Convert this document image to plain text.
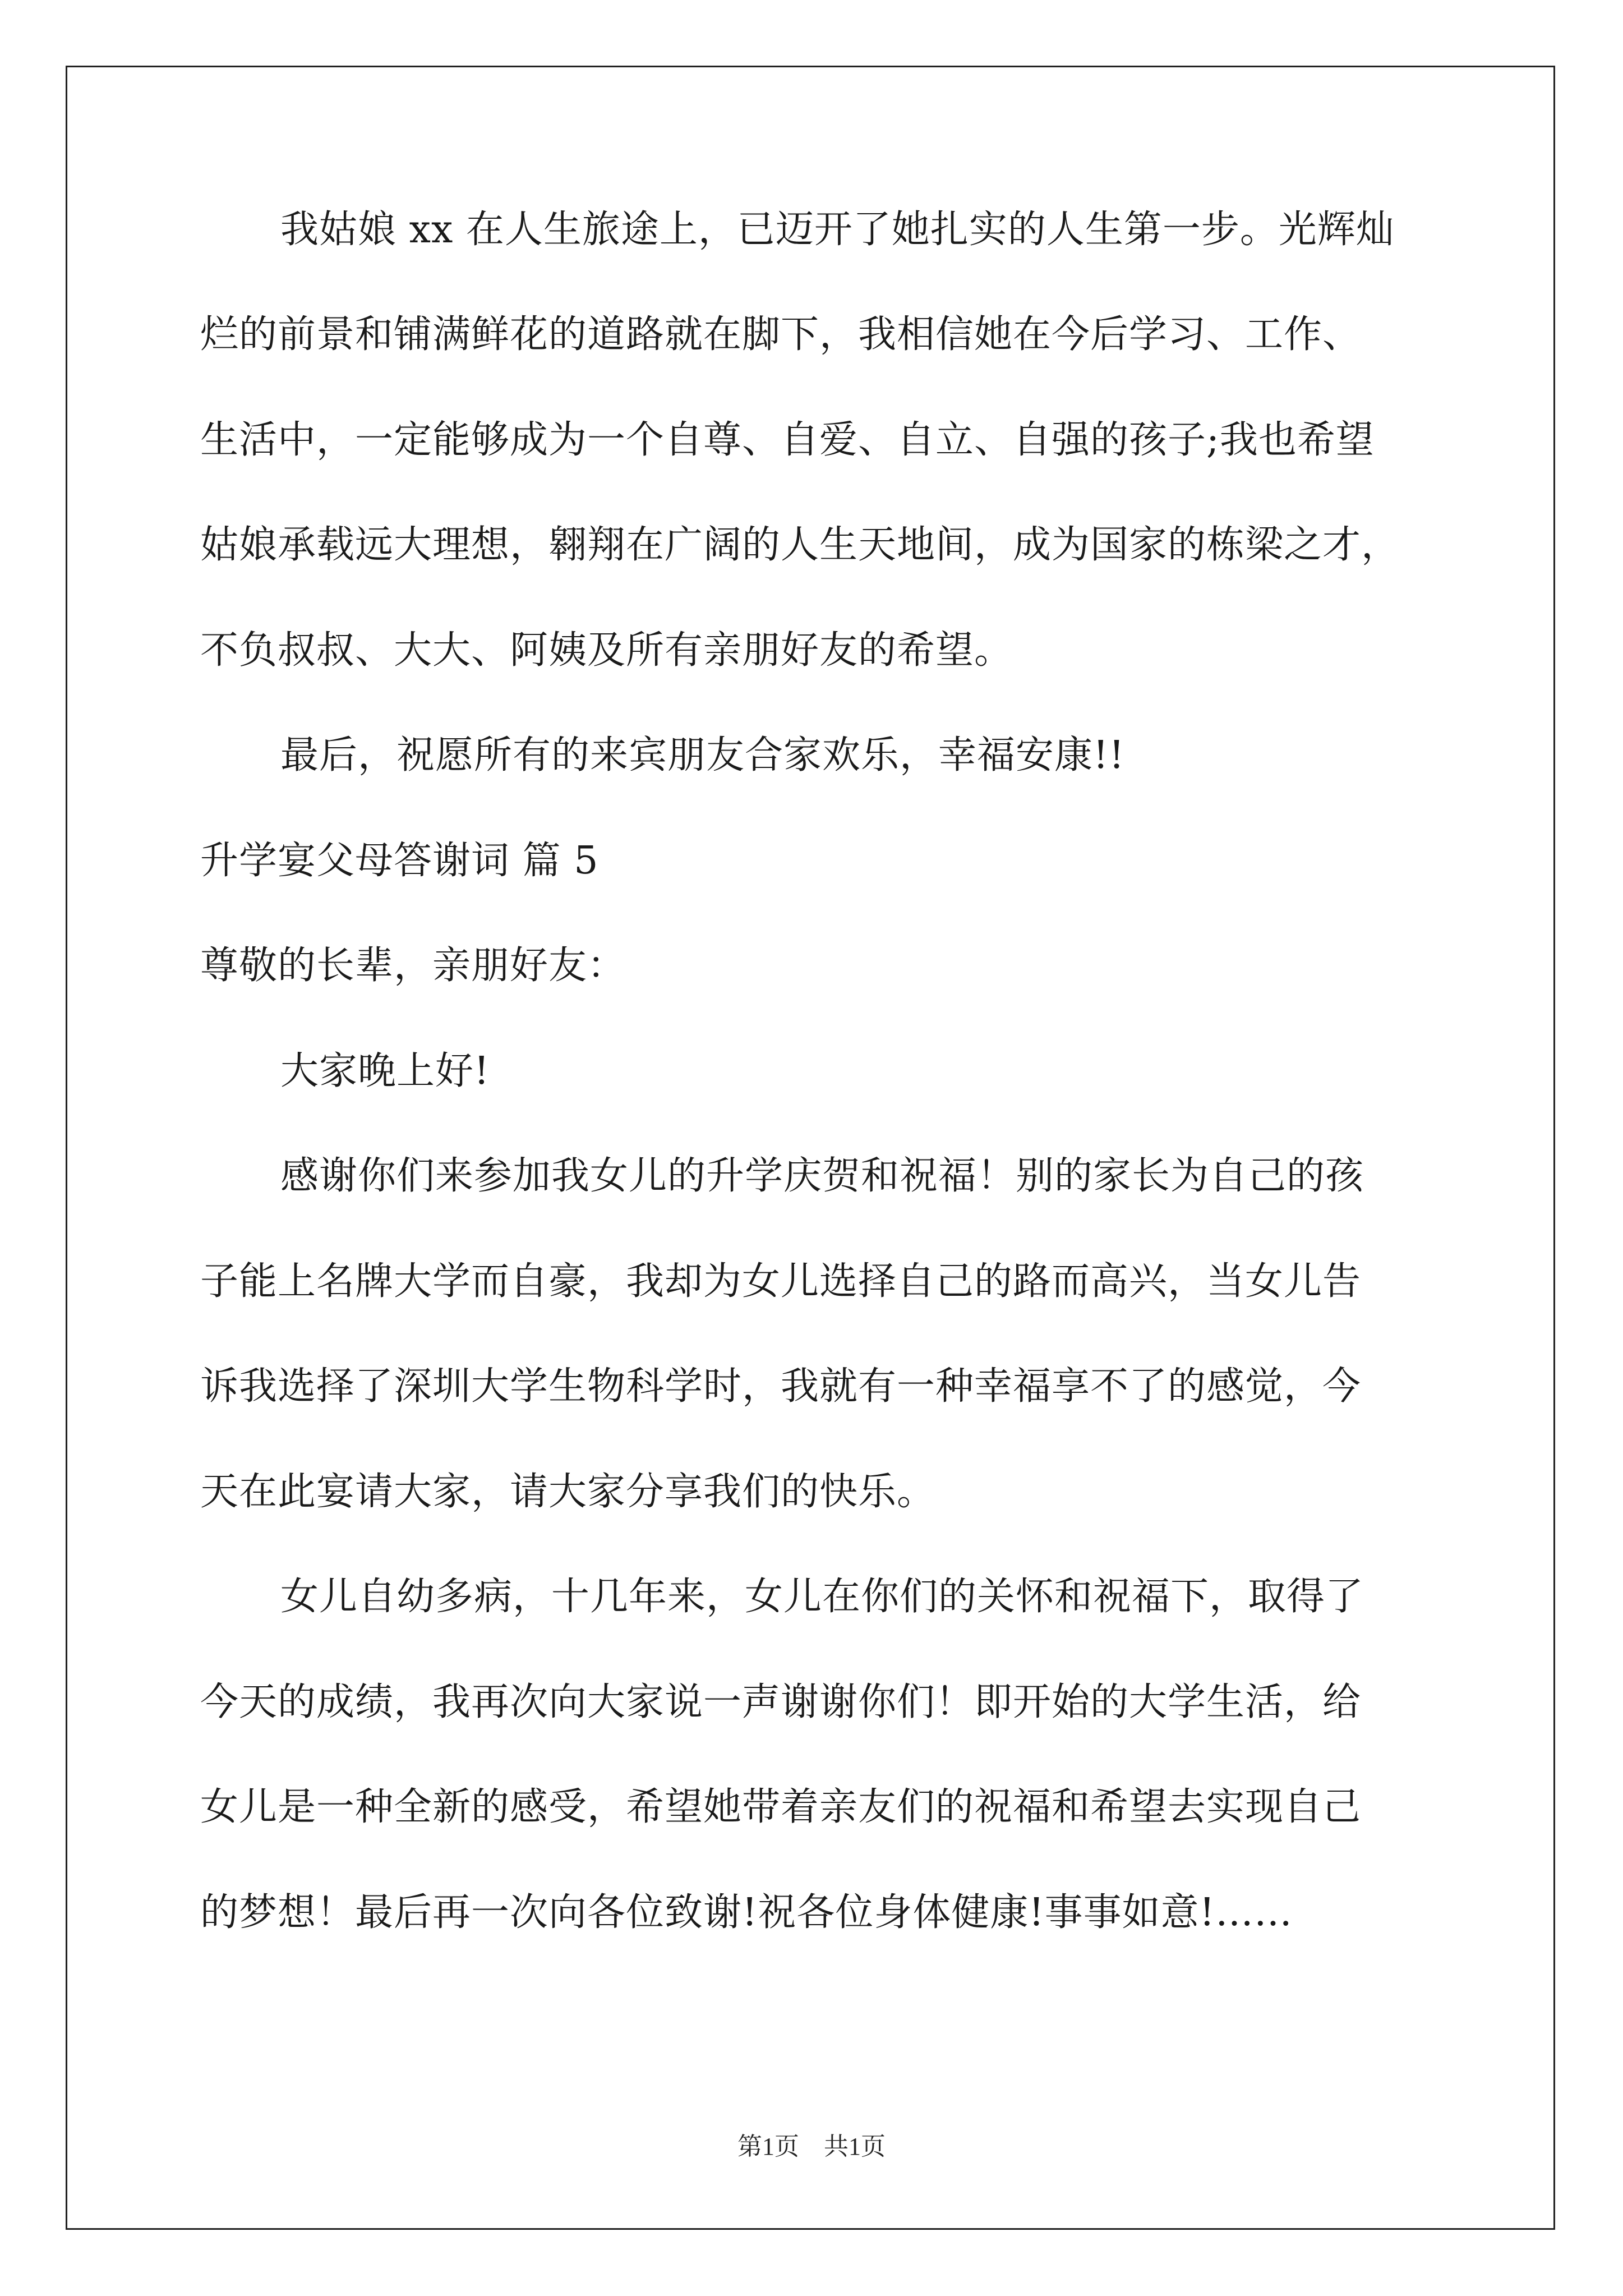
我姑娘 xx 在人生旅途上，已迈开了她扎实的人生第一步。光辉灿
烂的前景和铺满鲜花的道路就在脚下，我相信她在今后学习、工作、
生活中，一定能够成为一个自尊、自爱、自立、自强的孩子;我也希望
姑娘承载远大理想，翱翔在广阔的人生天地间，成为国家的栋梁之才，
不负叔叔、大大、阿姨及所有亲朋好友的希望。
最后，祝愿所有的来宾朋友合家欢乐，幸福安康!!
升学宴父母答谢词 篇 5
尊敬的长辈，亲朋好友：
大家晚上好!
感谢你们来参加我女儿的升学庆贺和祝福！别的家长为自己的孩
子能上名牌大学而自豪，我却为女儿选择自己的路而高兴，当女儿告
诉我选择了深圳大学生物科学时，我就有一种幸福享不了的感觉，今
天在此宴请大家，请大家分享我们的快乐。
女儿自幼多病，十几年来，女儿在你们的关怀和祝福下，取得了
今天的成绩，我再次向大家说一声谢谢你们！即开始的大学生活，给
女儿是一种全新的感受，希望她带着亲友们的祝福和希望去实现自己
的梦想！最后再一次向各位致谢!祝各位身体健康!事事如意!……
第1页　共1页
